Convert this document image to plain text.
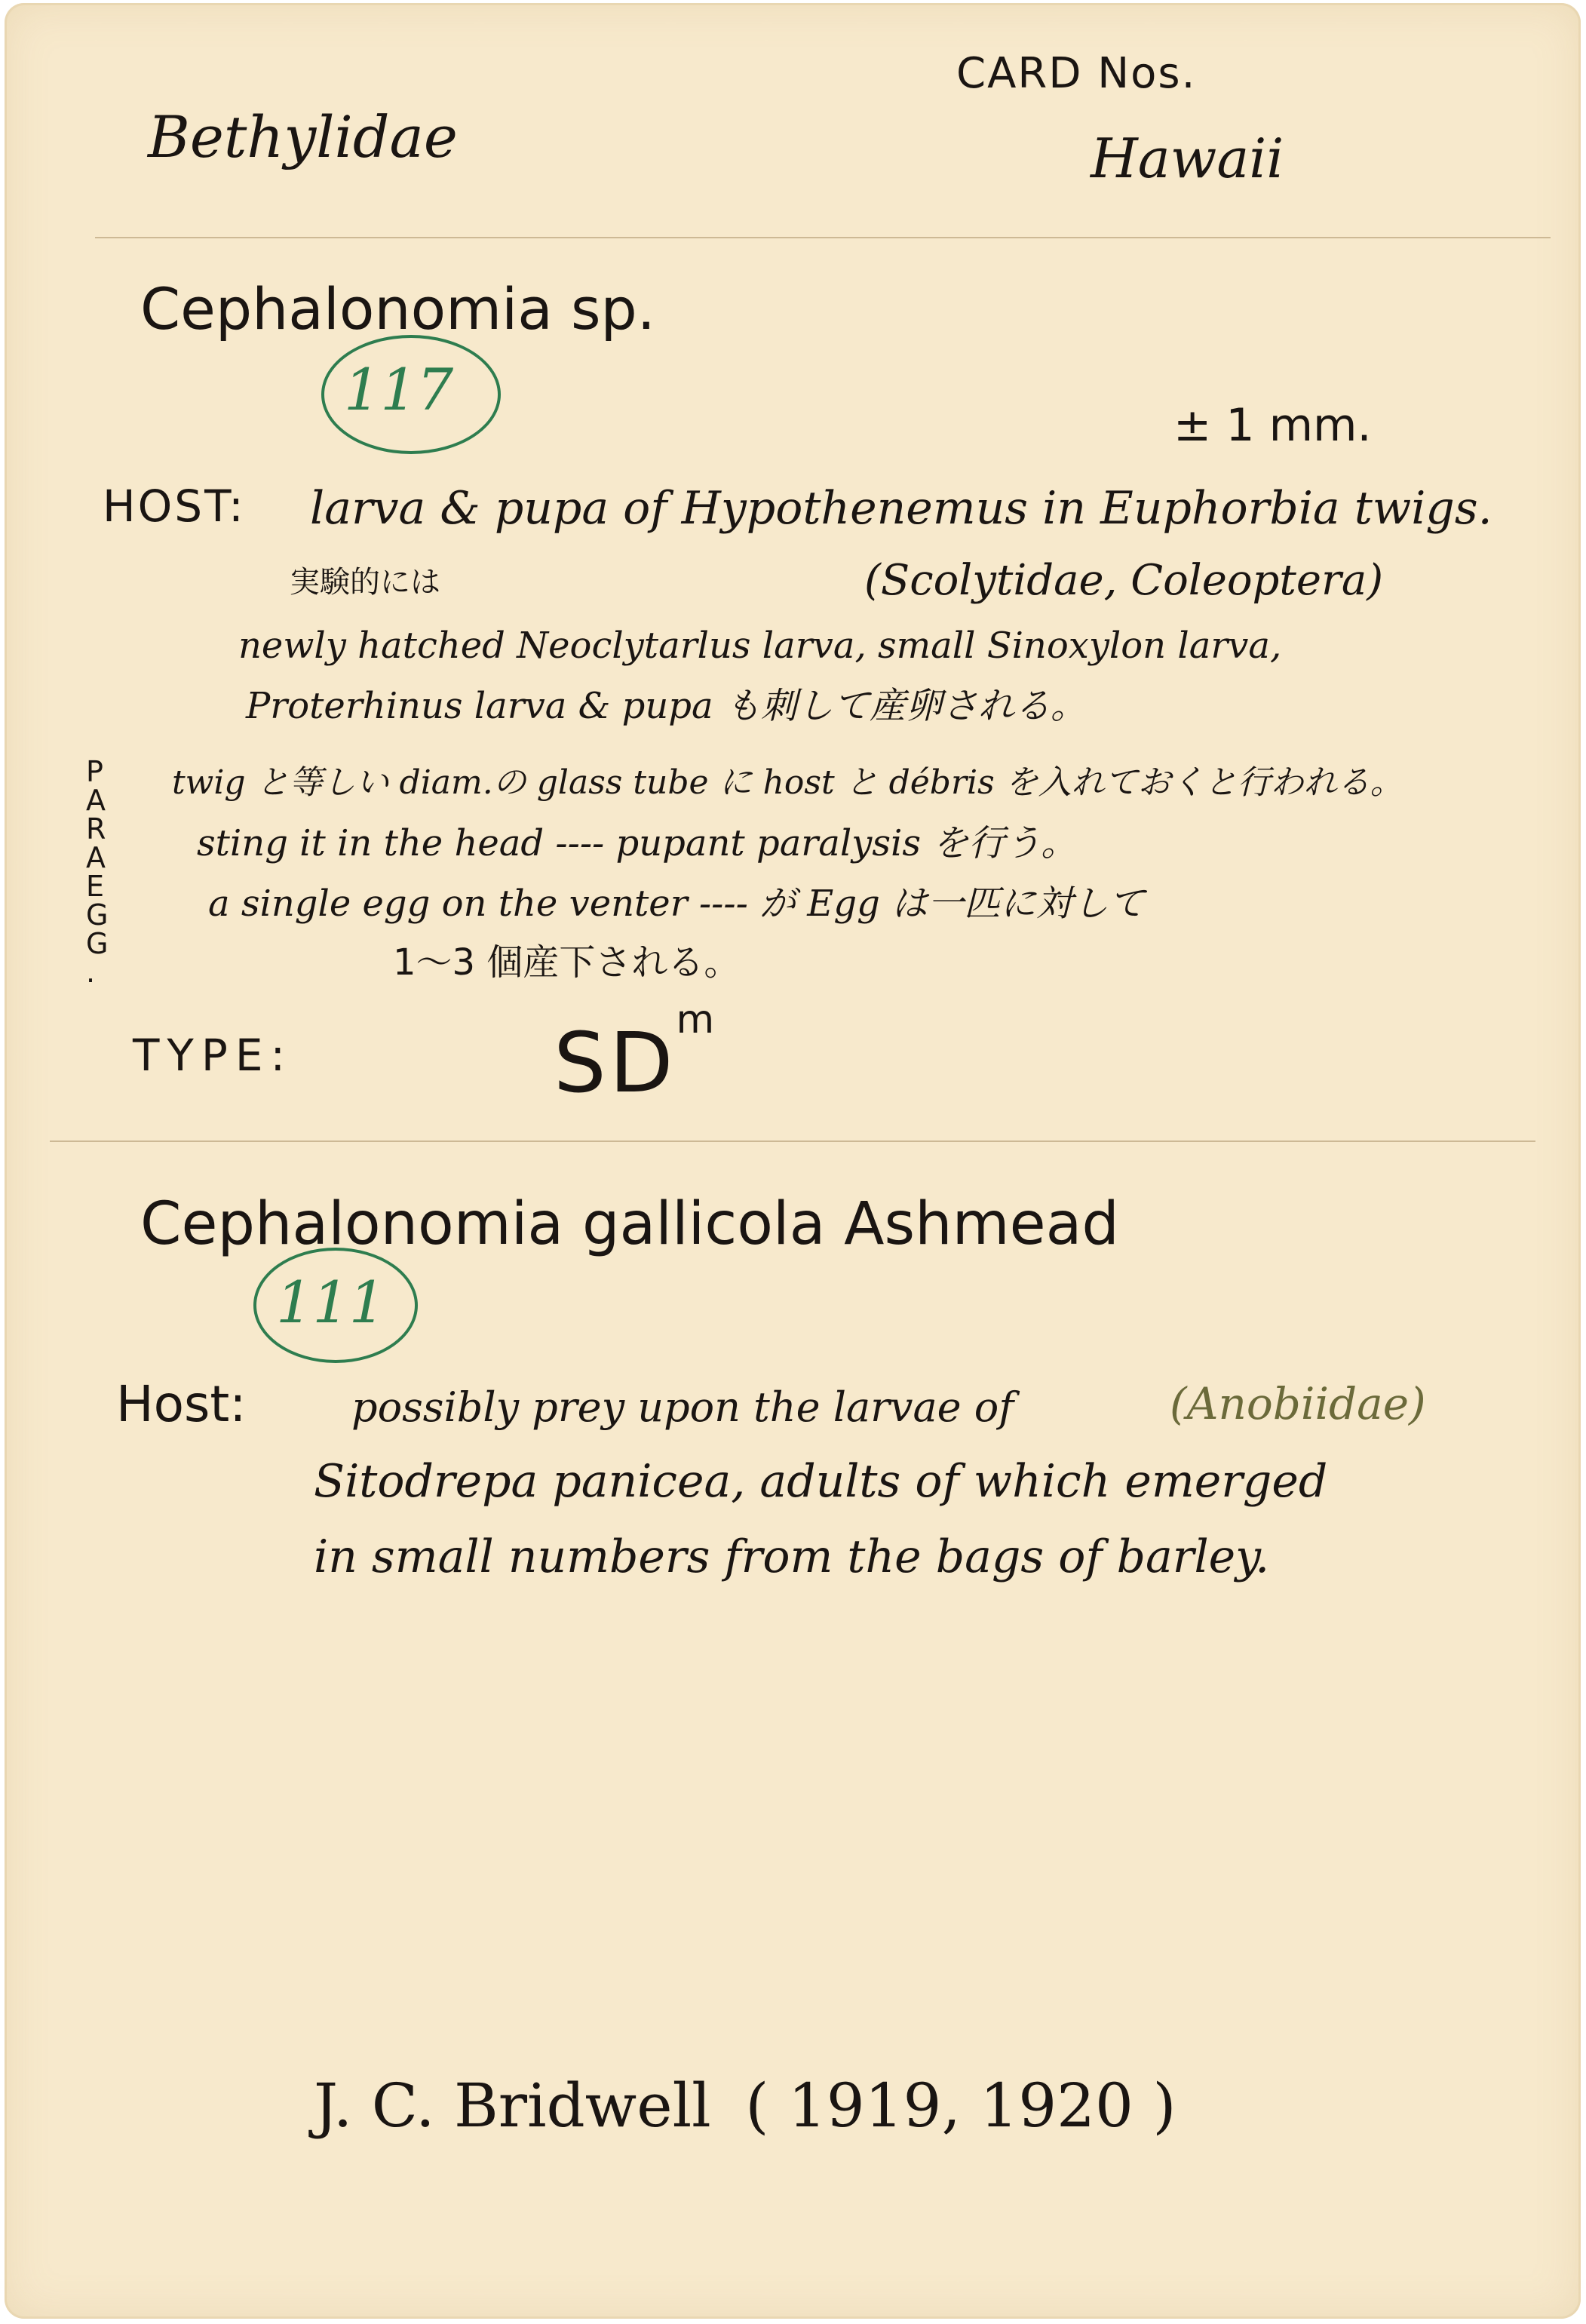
Bethylidae
CARD Nos.
Hawaii
Cephalonomia sp.
117
± 1 mm.
HOST: larva & pupa of Hypothenemus in Euphorbia twigs.
実験的には	(Scolytidae, Coleoptera)
newly hatched Neoclytarlus larva, small Sinoxylon larva,
Proterhinus larva & pupa も刺して産卵される。
P
A
R
A
E
G
G
.
twig と等しい diam.の glass tube に host と débris を入れておくと行われる。
sting it in the head ---- pupant paralysis を行う。
a single egg on the venter ---- が Egg は一匹に対して
1～3 個産下される。
TYPE:	$SD^m$
Cephalonomia gallicola Ashmead
111
Host:	possibly prey upon the larvae of	(Anobiidae)
Sitodrepa panicea, adults of which emerged
in small numbers from the bags of barley.
J. C. Bridwell ( 1919, 1920 )
